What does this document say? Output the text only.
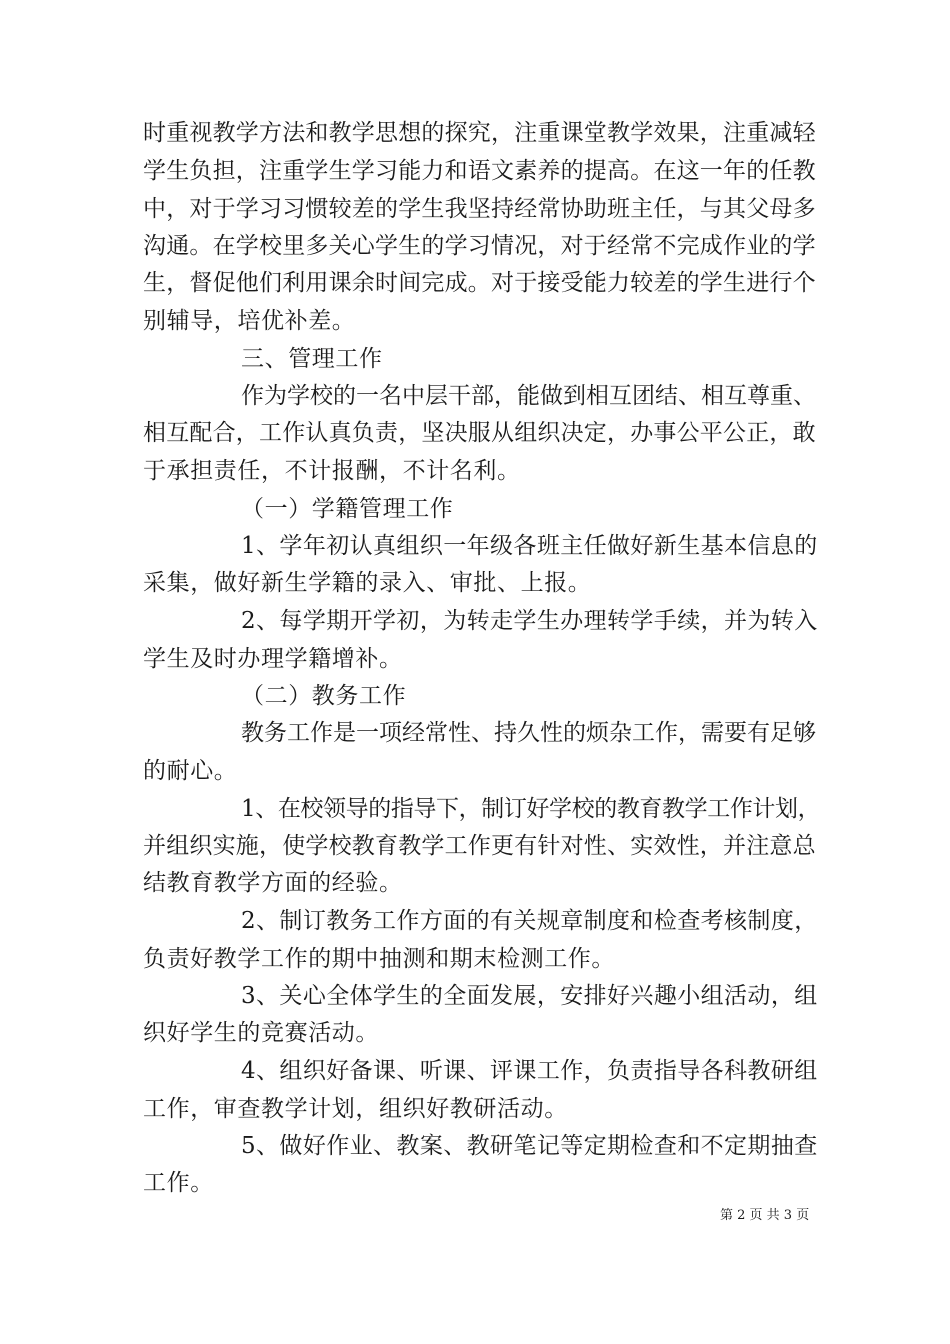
时重视教学方法和教学思想的探究，注重课堂教学效果，注重减轻
学生负担，注重学生学习能力和语文素养的提高。在这一年的任教
中，对于学习习惯较差的学生我坚持经常协助班主任，与其父母多
沟通。在学校里多关心学生的学习情况，对于经常不完成作业的学
生，督促他们利用课余时间完成。对于接受能力较差的学生进行个
别辅导，培优补差。
三、管理工作
作为学校的一名中层干部，能做到相互团结、相互尊重、
相互配合，工作认真负责，坚决服从组织决定，办事公平公正，敢
于承担责任，不计报酬，不计名利。
（一）学籍管理工作
1、学年初认真组织一年级各班主任做好新生基本信息的
采集，做好新生学籍的录入、审批、上报。
2、每学期开学初，为转走学生办理转学手续，并为转入
学生及时办理学籍增补。
（二）教务工作
教务工作是一项经常性、持久性的烦杂工作，需要有足够
的耐心。
1、在校领导的指导下，制订好学校的教育教学工作计划，
并组织实施，使学校教育教学工作更有针对性、实效性，并注意总
结教育教学方面的经验。
2、制订教务工作方面的有关规章制度和检查考核制度，
负责好教学工作的期中抽测和期末检测工作。
3、关心全体学生的全面发展，安排好兴趣小组活动，组
织好学生的竞赛活动。
4、组织好备课、听课、评课工作，负责指导各科教研组
工作，审查教学计划，组织好教研活动。
5、做好作业、教案、教研笔记等定期检查和不定期抽查
工作。
第 2 页 共 3 页
